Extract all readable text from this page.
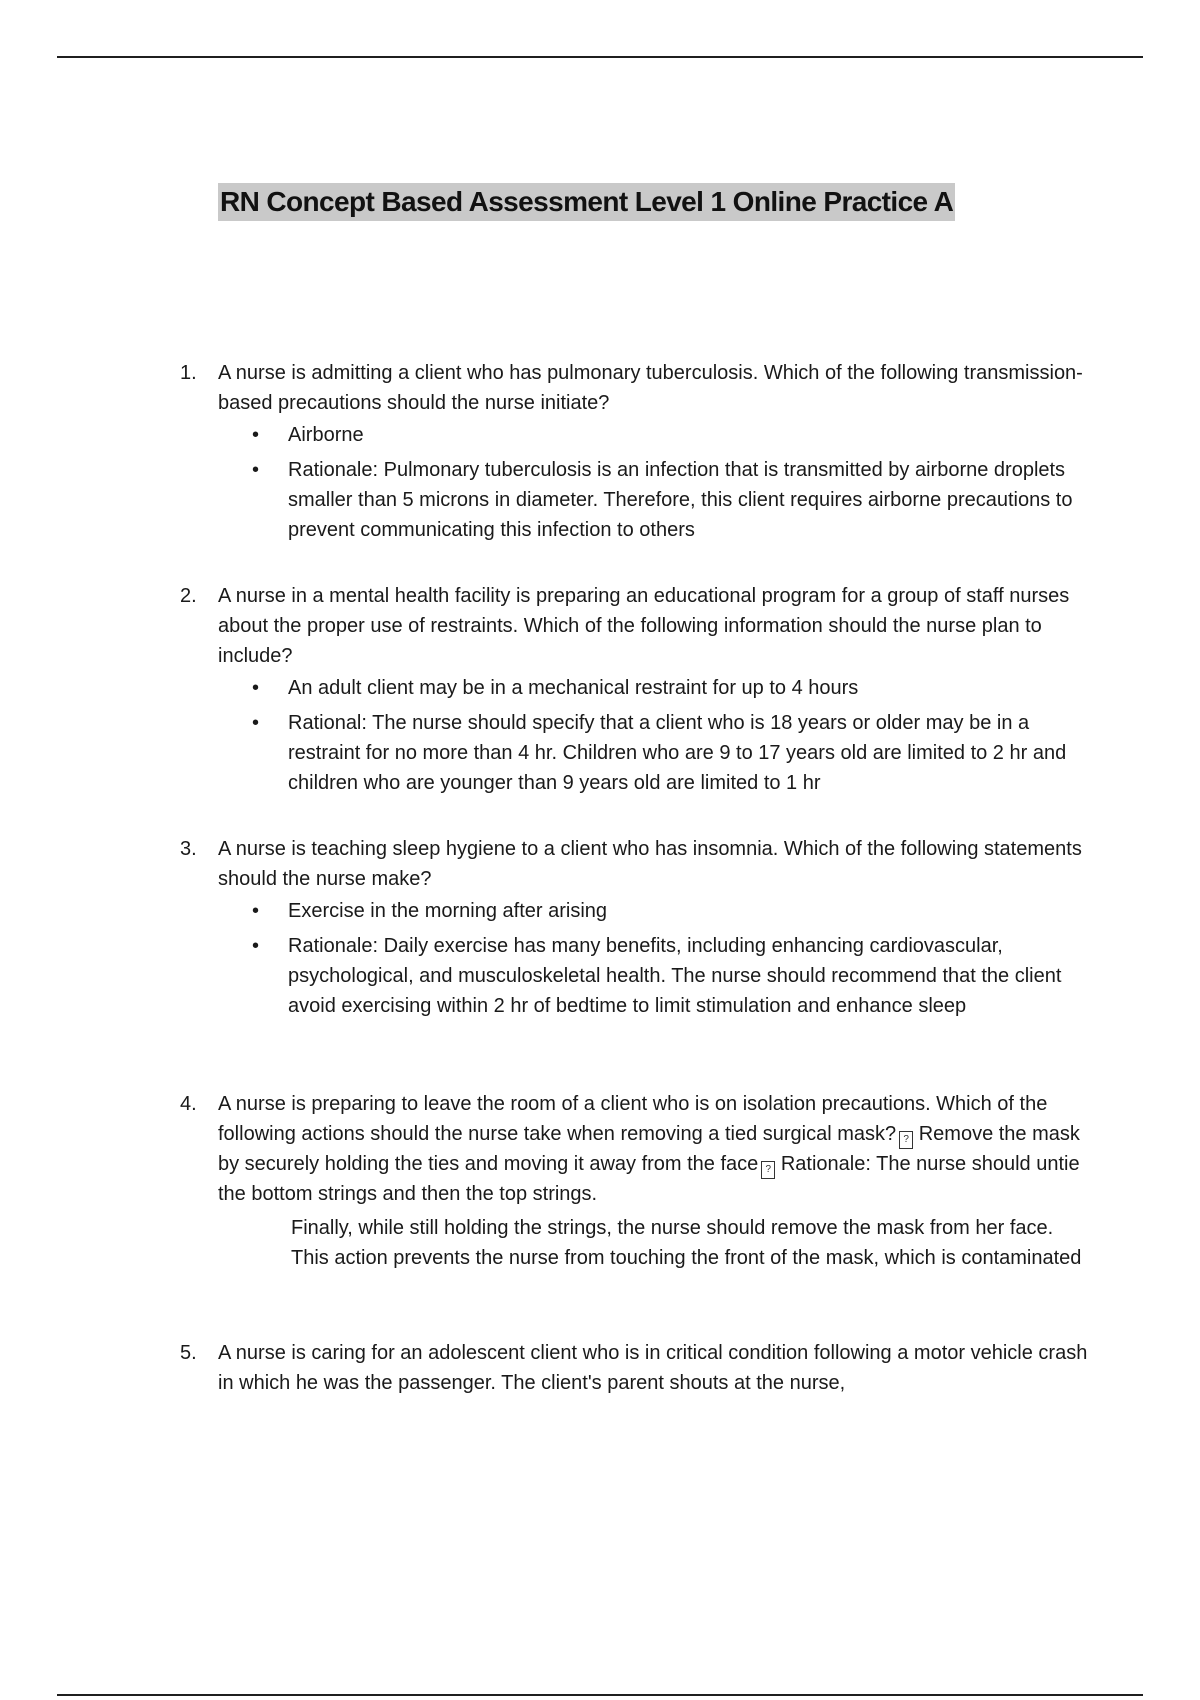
RN Concept Based Assessment Level 1 Online Practice A
1.	A nurse is admitting a client who has pulmonary tuberculosis. Which of the following transmission-based precautions should the nurse initiate?
• Airborne
• Rationale: Pulmonary tuberculosis is an infection that is transmitted by airborne droplets smaller than 5 microns in diameter. Therefore, this client requires airborne precautions to prevent communicating this infection to others
2.	A nurse in a mental health facility is preparing an educational program for a group of staff nurses about the proper use of restraints. Which of the following information should the nurse plan to include?
• An adult client may be in a mechanical restraint for up to 4 hours
• Rational: The nurse should specify that a client who is 18 years or older may be in a restraint for no more than 4 hr. Children who are 9 to 17 years old are limited to 2 hr and children who are younger than 9 years old are limited to 1 hr
3.	A nurse is teaching sleep hygiene to a client who has insomnia. Which of the following statements should the nurse make?
• Exercise in the morning after arising
• Rationale: Daily exercise has many benefits, including enhancing cardiovascular, psychological, and musculoskeletal health. The nurse should recommend that the client avoid exercising within 2 hr of bedtime to limit stimulation and enhance sleep
4.	A nurse is preparing to leave the room of a client who is on isolation precautions. Which of the following actions should the nurse take when removing a tied surgical mask? ? Remove the mask by securely holding the ties and moving it away from the face ? Rationale: The nurse should untie the bottom strings and then the top strings.
Finally, while still holding the strings, the nurse should remove the mask from her face. This action prevents the nurse from touching the front of the mask, which is contaminated
5.	A nurse is caring for an adolescent client who is in critical condition following a motor vehicle crash in which he was the passenger. The client's parent shouts at the nurse,
